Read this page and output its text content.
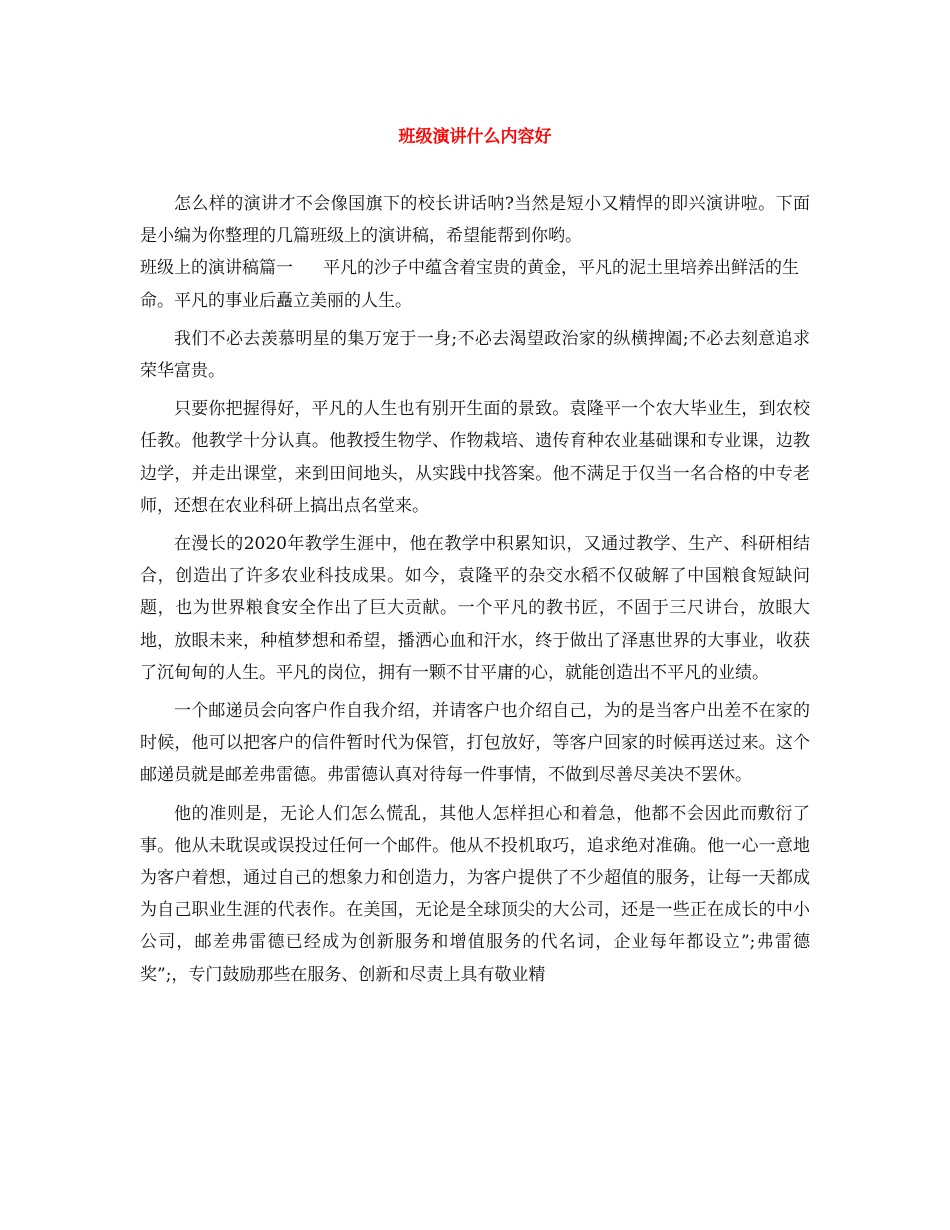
班级演讲什么内容好

怎么样的演讲才不会像国旗下的校长讲话呐?当然是短小又精悍的即兴演讲啦。下面是小编为你整理的几篇班级上的演讲稿，希望能帮到你哟。

班级上的演讲稿篇一 平凡的沙子中蕴含着宝贵的黄金，平凡的泥土里培养出鲜活的生命。平凡的事业后矗立美丽的人生。

我们不必去羡慕明星的集万宠于一身;不必去渴望政治家的纵横捭阖;不必去刻意追求荣华富贵。

只要你把握得好，平凡的人生也有别开生面的景致。袁隆平一个农大毕业生，到农校任教。他教学十分认真。他教授生物学、作物栽培、遗传育种农业基础课和专业课，边教边学，并走出课堂，来到田间地头，从实践中找答案。他不满足于仅当一名合格的中专老师，还想在农业科研上搞出点名堂来。

在漫长的2020年教学生涯中，他在教学中积累知识，又通过教学、生产、科研相结合，创造出了许多农业科技成果。如今，袁隆平的杂交水稻不仅破解了中国粮食短缺问题，也为世界粮食安全作出了巨大贡献。一个平凡的教书匠，不固于三尺讲台，放眼大地，放眼未来，种植梦想和希望，播洒心血和汗水，终于做出了泽惠世界的大事业，收获了沉甸甸的人生。平凡的岗位，拥有一颗不甘平庸的心，就能创造出不平凡的业绩。

一个邮递员会向客户作自我介绍，并请客户也介绍自己，为的是当客户出差不在家的时候，他可以把客户的信件暂时代为保管，打包放好，等客户回家的时候再送过来。这个邮递员就是邮差弗雷德。弗雷德认真对待每一件事情，不做到尽善尽美决不罢休。

他的准则是，无论人们怎么慌乱，其他人怎样担心和着急，他都不会因此而敷衍了事。他从未耽误或误投过任何一个邮件。他从不投机取巧，追求绝对准确。他一心一意地为客户着想，通过自己的想象力和创造力，为客户提供了不少超值的服务，让每一天都成为自己职业生涯的代表作。在美国，无论是全球顶尖的大公司，还是一些正在成长的中小公司，邮差弗雷德已经成为创新服务和增值服务的代名词，企业每年都设立”;弗雷德奖”;，专门鼓励那些在服务、创新和尽责上具有敬业精
